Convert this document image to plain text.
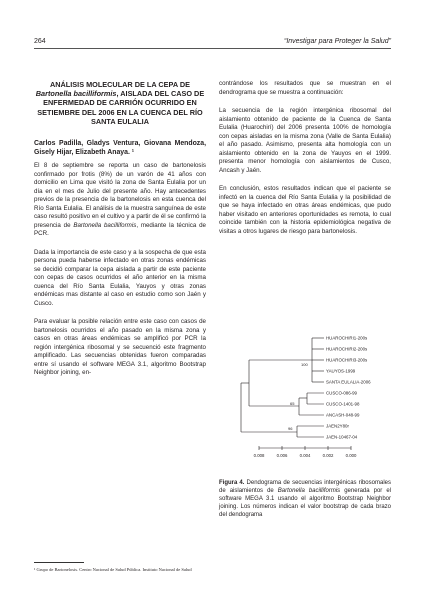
264	“Investigar para Proteger la Salud”
ANÁLISIS MOLECULAR DE LA CEPA DE Bartonella bacilliformis, AISLADA DEL CASO DE ENFERMEDAD DE CARRIÓN OCURRIDO EN SETIEMBRE DEL 2006 EN LA CUENCA DEL RÍO SANTA EULALIA
Carlos Padilla, Gladys Ventura, Giovana Mendoza, Gisely Hijar, Elizabeth Anaya. ¹

El 8 de septiembre se reporta un caso de bartonelosis confirmado por frotis (8%) de un varón de 41 años con domicilio en Lima que visitó la zona de Santa Eulalia por un día en el mes de Julio del presente año. Hay antecedentes previos de la presencia de la bartonelosis en esta cuenca del Río Santa Eulalia. El análisis de la muestra sanguínea de este caso resultó positivo en el cultivo y a partir de él se confirmó la presencia de Bartonella bacilliformis, mediante la técnica de PCR.

Dada la importancia de este caso y a la sospecha de que esta persona pueda haberse infectado en otras zonas endémicas se decidió comparar la cepa aislada a partir de este paciente con cepas de casos ocurridos el año anterior en la misma cuenca del Río Santa Eulalia, Yauyos y otras zonas endémicas mas distante al caso en estudio como son Jaén y Cusco.

Para evaluar la posible relación entre este caso con casos de bartonelosis ocurridos el año pasado en la misma zona y casos en otras áreas endémicas se amplificó por PCR la región intergénica ribosomal y se secuenció este fragmento amplificado. Las secuencias obtenidas fueron comparadas entre sí usando el software MEGA 3.1, algoritmo Bootstrap Neighbor joining, en-

contrándose los resultados que se muestran en el dendrograma que se muestra a continuación:

La secuencia de la región intergénica ribosomal del aislamiento obtenido de paciente de la Cuenca de Santa Eulalia (Huarochirí) del 2006 presenta 100% de homología con cepas aisladas en la misma zona (Valle de Santa Eulalia) el año pasado. Asimismo, presenta alta homología con un aislamiento obtenido en la zona de Yauyos en el 1999. presenta menor homología con aislamientos de Cusco, Ancash y Jaén.

En conclusión, estos resultados indican que el paciente se infectó en la cuenca del Río Santa Eulalia y la posibilidad de que se haya infectado en otras áreas endémicas, que pudo haber visitado en anteriores oportunidades es remota, lo cual coincide también con la historia epidemiológica negativa de visitas a otros lugares de riesgo para bartonelosis.

HUAROCHIRI1-200s
HUAROCHIRI2-200s
HUAROCHIRI3-200s
YAUYOS-1999
SANTA EULALIA-2006
CUSCO-086-99
CUSCO-1401-98
ANCASH-048-99
JAEN2Y80r
JAEN-10467-04
100
65
96
0.008	0.006	0.004	0.002	0.000
Figura 4. Dendograma de secuencias intergénicas ribosomales de aislamientos de Bartonella bacilliformis generada por el software MEGA 3.1 usando el algoritmo Bootstrap Neighbor joining. Los números indican el valor bootstrap de cada brazo del dendograma
¹ Grupo de Bartonelosis. Centro Nacional de Salud Pública. Instituto Nacional de Salud
